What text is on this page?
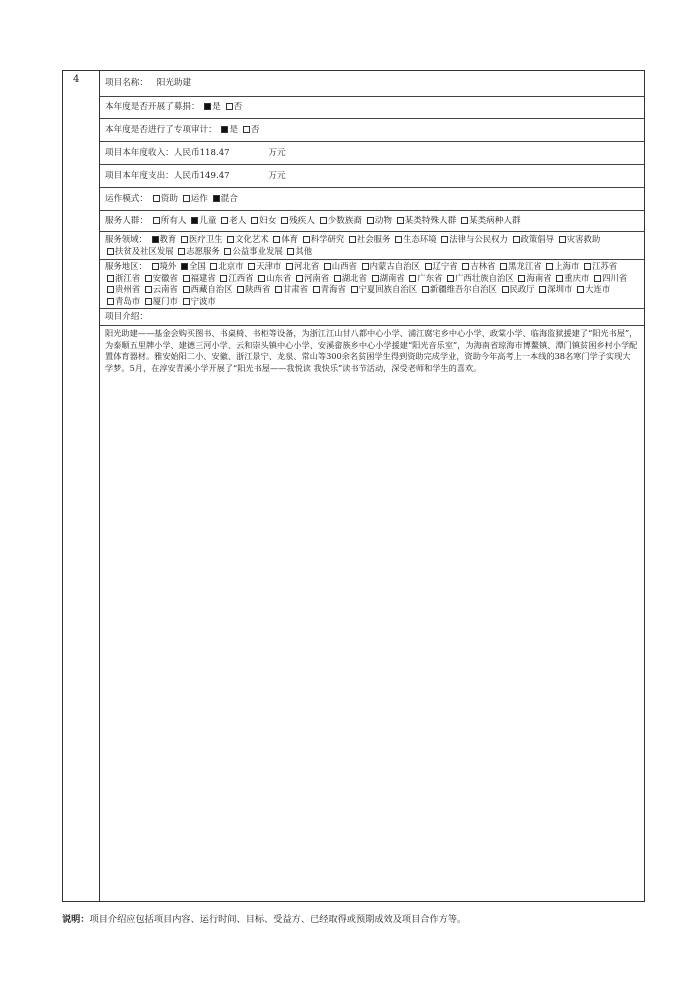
4	项目名称： 阳光助建
本年度是否开展了募捐： 是 否
本年度是否进行了专项审计： 是 否
项目本年度收入：人民币118.47	万元
项目本年度支出：人民币149.47	万元
运作模式： 资助 运作 混合
服务人群： 所有人 儿童 老人 妇女 残疾人 少数族裔 动物 某类特殊人群 某类病种人群
服务领域： 教育 医疗卫生 文化艺术 体育 科学研究 社会服务 生态环境 法律与公民权力 政策倡导 灾害救助 扶贫及社区发展 志愿服务 公益事业发展 其他
服务地区： 境外 全国 北京市 天津市 河北省 山西省 内蒙古自治区 辽宁省 吉林省 黑龙江省 上海市 江苏省 浙江省 安徽省 福建省 江西省 山东省 河南省 湖北省 湖南省 广东省 广西壮族自治区 海南省 重庆市 四川省 贵州省 云南省 西藏自治区 陕西省 甘肃省 青海省 宁夏回族自治区 新疆维吾尔自治区 民政厅 深圳市 大连市 青岛市 厦门市 宁波市
项目介绍：
阳光助建——基金会购买图书、书桌椅、书柜等设备，为浙江江山甘八都中心小学、浦江腐宅乡中心小学、政棠小学、临海监狱援建了“阳光书屋”，为泰顺五里牌小学、建德三河小学、云和崇头镇中心小学、安溪畲族乡中心小学援建“阳光音乐室”，为海南省琼海市博鳌镇、潭门镇贫困乡村小学配置体育器材。雅安始阳二小、安徽、浙江景宁、龙泉、常山等300余名贫困学生得到资助完成学业，资助今年高考上一本线的38名寒门学子实现大学梦。5月，在淳安青溪小学开展了“阳光书屋——我悦读 我快乐”读书节活动，深受老师和学生的喜欢。
说明：项目介绍应包括项目内容、运行时间、目标、受益方、已经取得或预期成效及项目合作方等。
